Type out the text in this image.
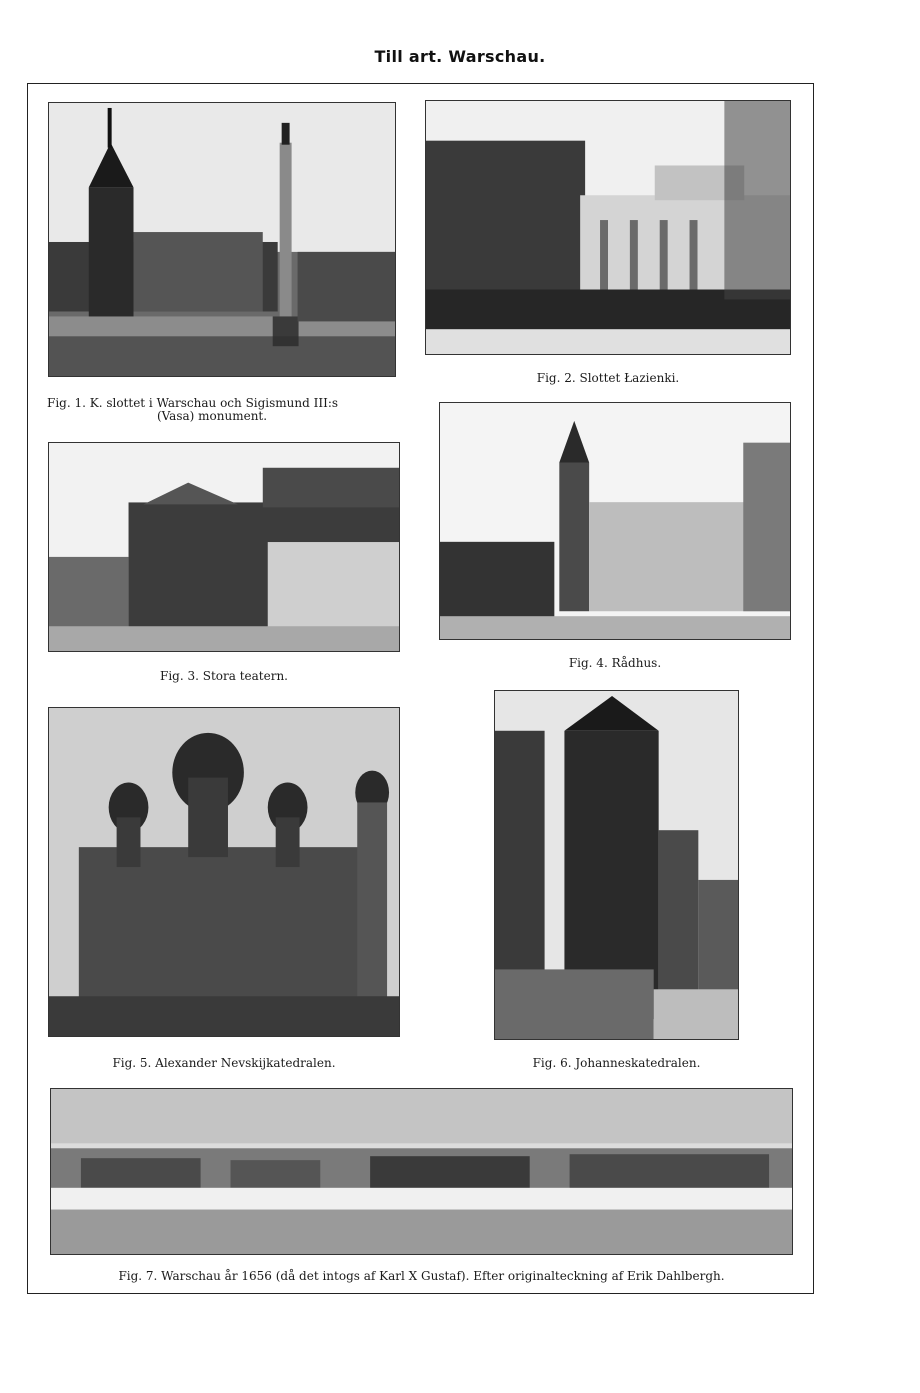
Till art. Warschau.
Fig. 1. K. slottet i Warschau och Sigismund III:s
(Vasa) monument.
Fig. 2. Slottet Łazienki.
Fig. 3. Stora teatern.
Fig. 4. Rådhus.
Fig. 5. Alexander Nevskijkatedralen.	Fig. 6. Johanneskatedralen.
Fig. 7. Warschau år 1656 (då det intogs af Karl X Gustaf). Efter originalteckning af Erik Dahlbergh.
